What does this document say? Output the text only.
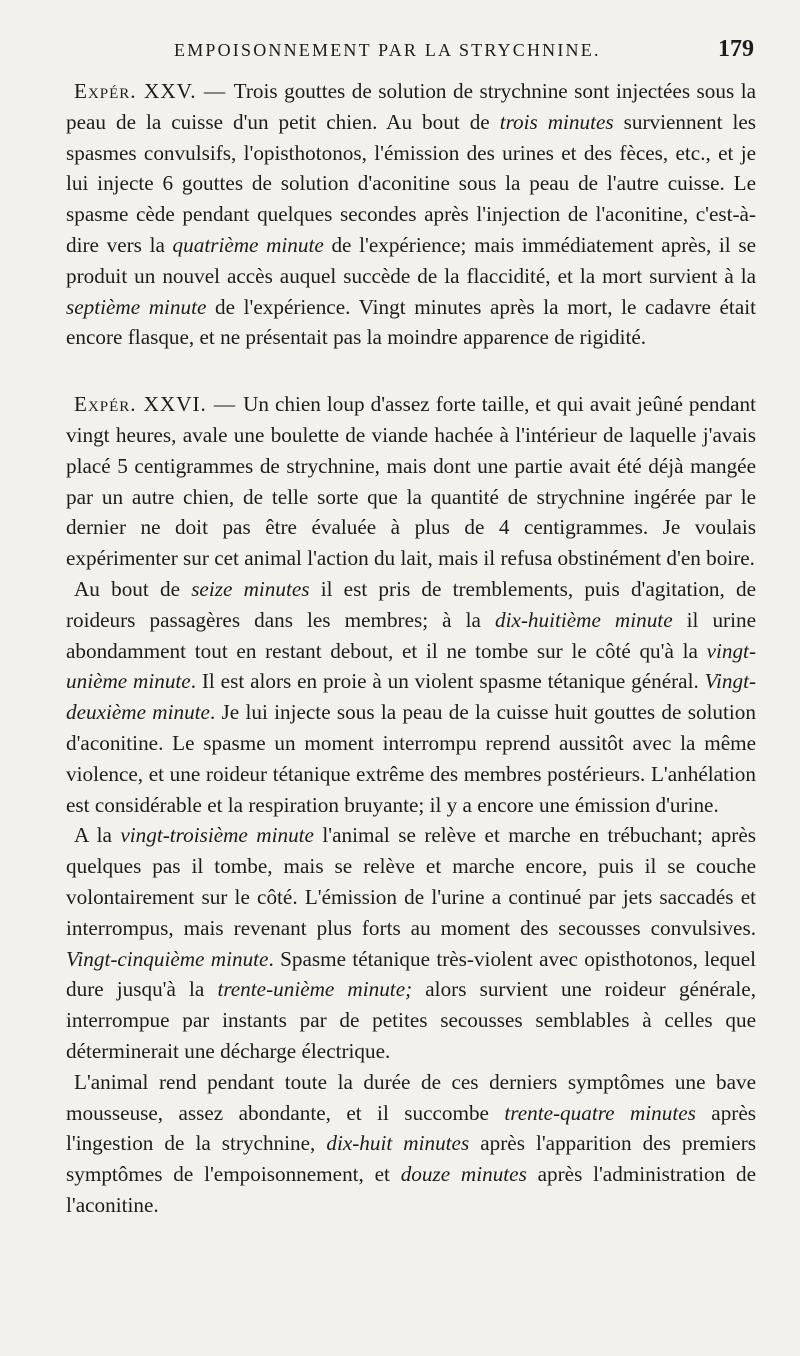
EMPOISONNEMENT PAR LA STRYCHNINE.	179

Expér. XXV. — Trois gouttes de solution de strychnine sont injectées sous la peau de la cuisse d'un petit chien. Au bout de trois minutes surviennent les spasmes convulsifs, l'opisthotonos, l'émission des urines et des fèces, etc., et je lui injecte 6 gouttes de solution d'aconitine sous la peau de l'autre cuisse. Le spasme cède pendant quelques secondes après l'injection de l'aconitine, c'est-à-dire vers la quatrième minute de l'expérience; mais immédiatement après, il se produit un nouvel accès auquel succède de la flaccidité, et la mort survient à la septième minute de l'expérience. Vingt minutes après la mort, le cadavre était encore flasque, et ne présentait pas la moindre apparence de rigidité.

Expér. XXVI. — Un chien loup d'assez forte taille, et qui avait jeûné pendant vingt heures, avale une boulette de viande hachée à l'intérieur de laquelle j'avais placé 5 centigrammes de strychnine, mais dont une partie avait été déjà mangée par un autre chien, de telle sorte que la quantité de strychnine ingérée par le dernier ne doit pas être évaluée à plus de 4 centigrammes. Je voulais expérimenter sur cet animal l'action du lait, mais il refusa obstinément d'en boire.

Au bout de seize minutes il est pris de tremblements, puis d'agitation, de roideurs passagères dans les membres; à la dix-huitième minute il urine abondamment tout en restant debout, et il ne tombe sur le côté qu'à la vingt-unième minute. Il est alors en proie à un violent spasme tétanique général. Vingt-deuxième minute. Je lui injecte sous la peau de la cuisse huit gouttes de solution d'aconitine. Le spasme un moment interrompu reprend aussitôt avec la même violence, et une roideur tétanique extrême des membres postérieurs. L'anhélation est considérable et la respiration bruyante; il y a encore une émission d'urine.

A la vingt-troisième minute l'animal se relève et marche en trébuchant; après quelques pas il tombe, mais se relève et marche encore, puis il se couche volontairement sur le côté. L'émission de l'urine a continué par jets saccadés et interrompus, mais revenant plus forts au moment des secousses convulsives. Vingt-cinquième minute. Spasme tétanique très-violent avec opisthotonos, lequel dure jusqu'à la trente-unième minute; alors survient une roideur générale, interrompue par instants par de petites secousses semblables à celles que déterminerait une décharge électrique.

L'animal rend pendant toute la durée de ces derniers symptômes une bave mousseuse, assez abondante, et il succombe trente-quatre minutes après l'ingestion de la strychnine, dix-huit minutes après l'apparition des premiers symptômes de l'empoisonnement, et douze minutes après l'administration de l'aconitine.
